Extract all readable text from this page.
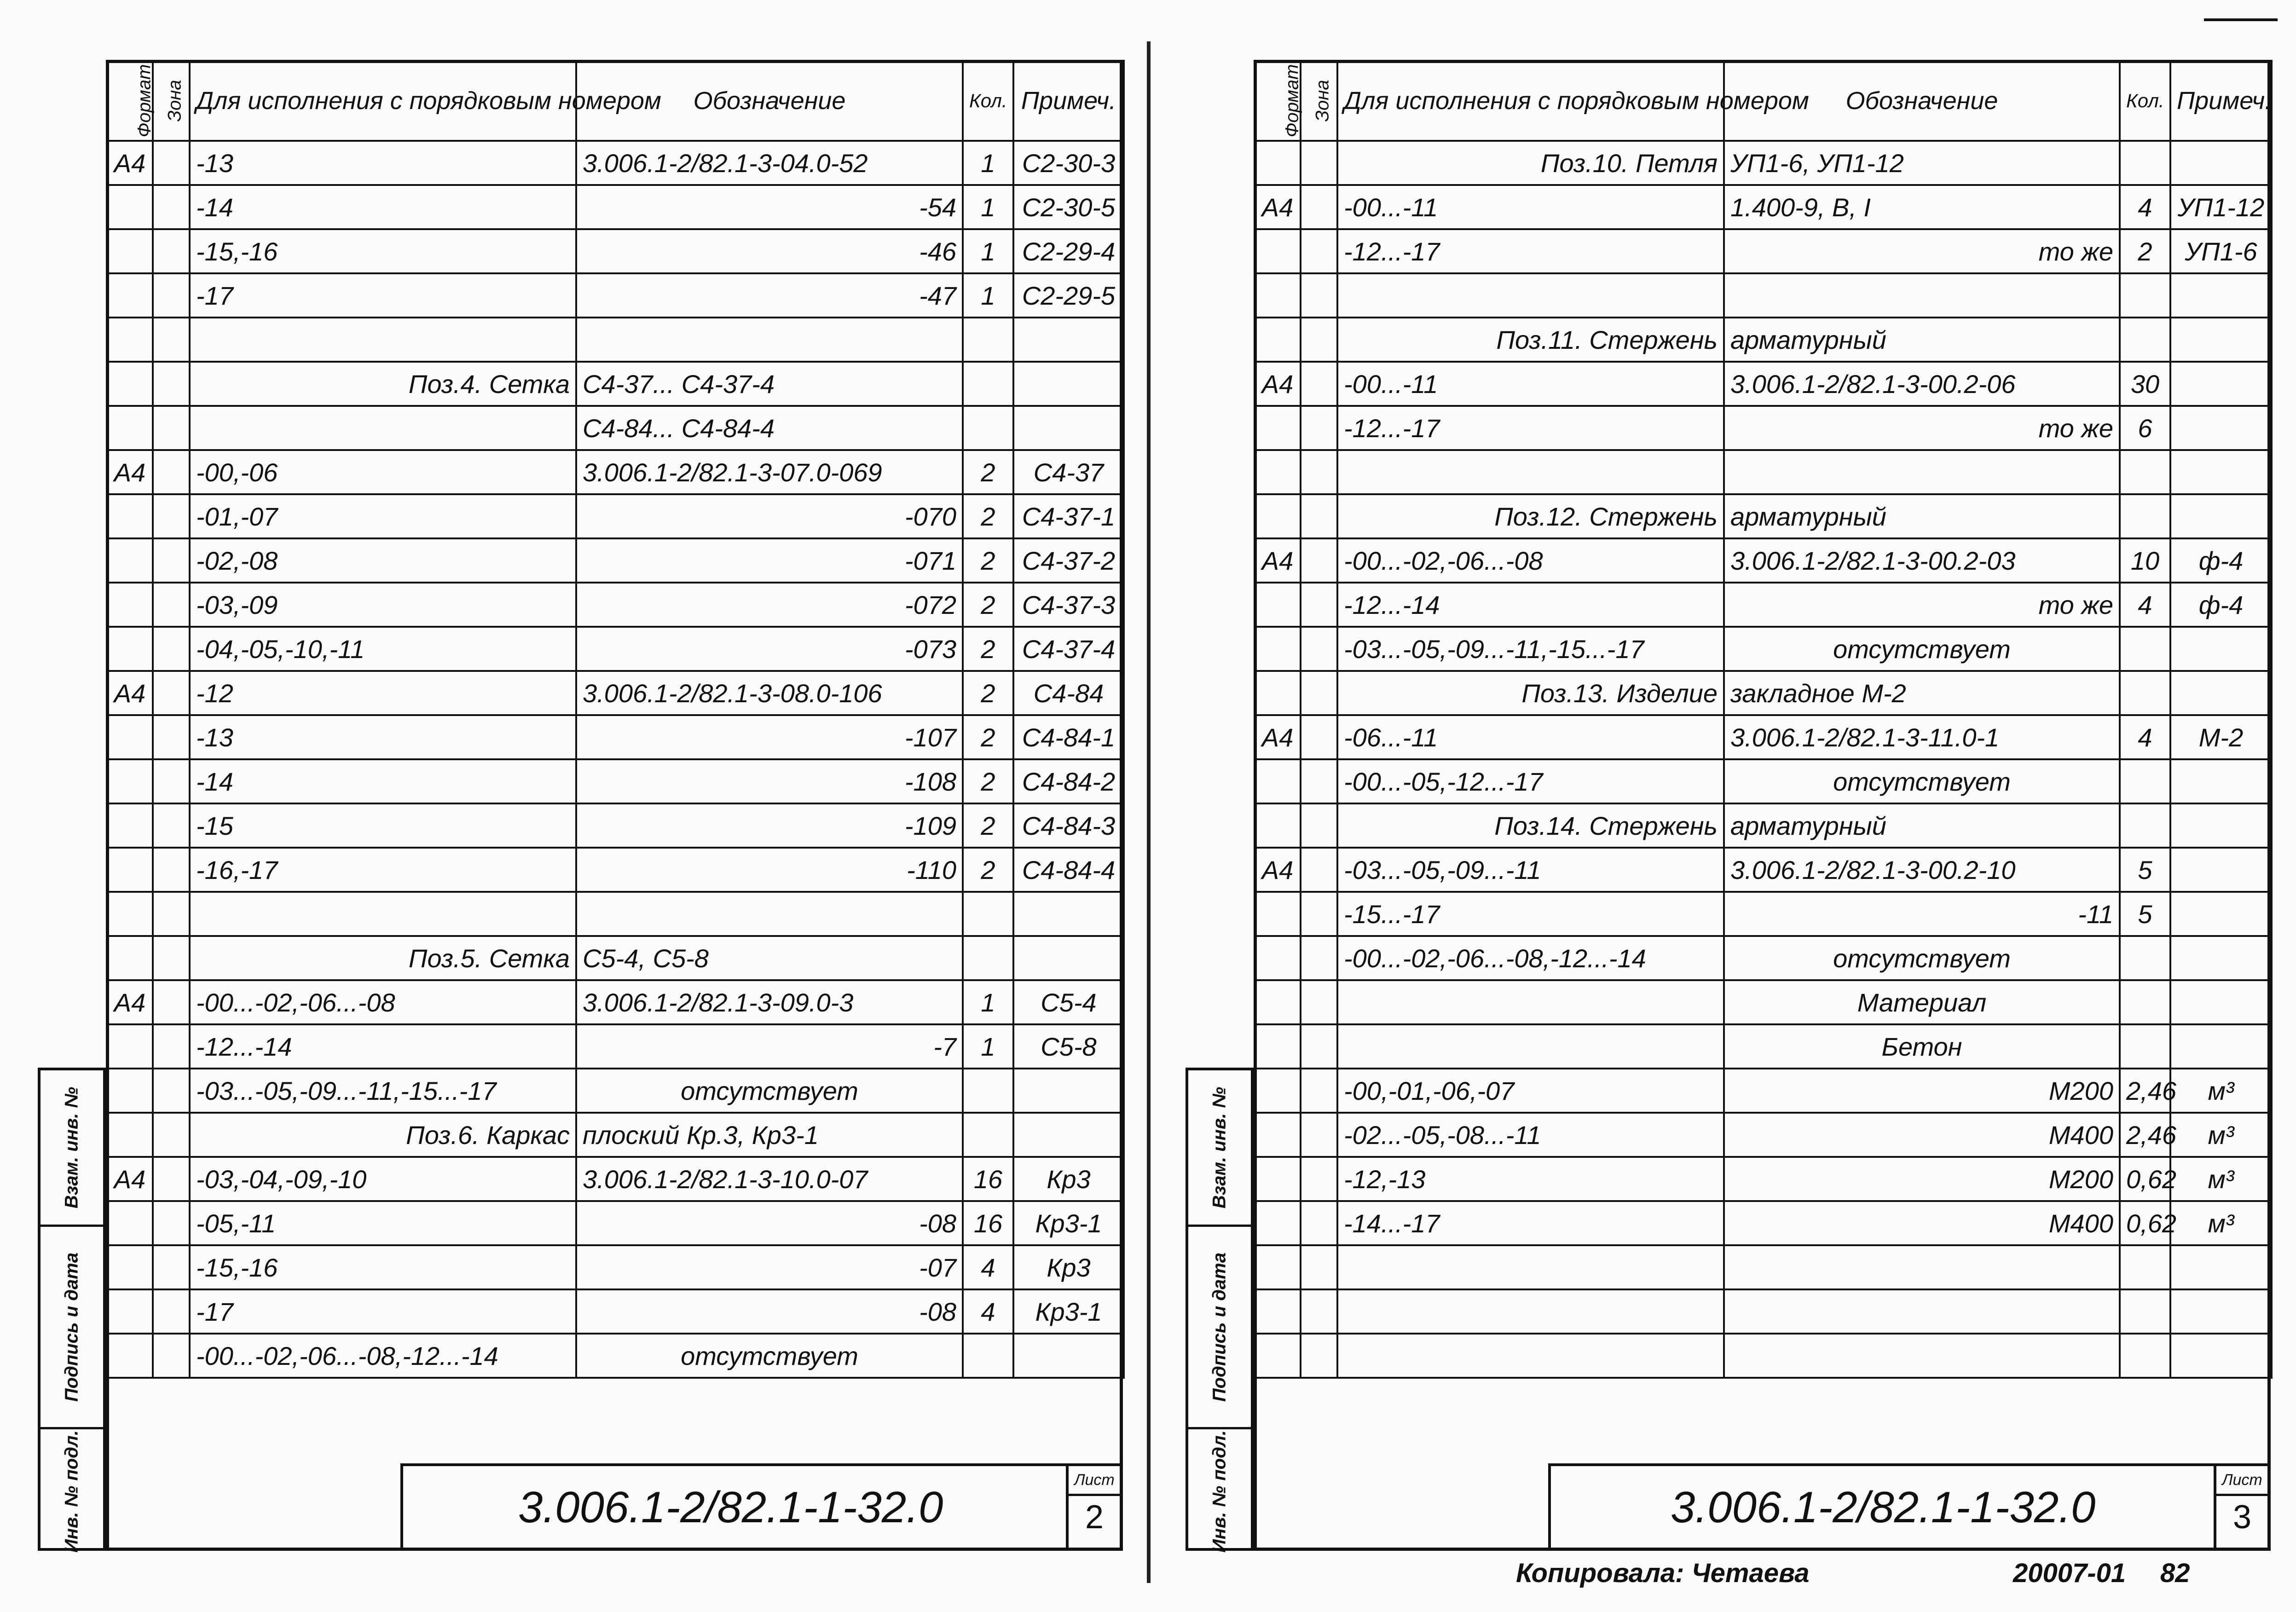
Формат	Зона	Для исполнения с порядковым номером	Обозначение	Кол.	Примеч.
А4		-13	3.006.1-2/82.1-3-04.0-52	1	С2-30-3
		-14	-54	1	С2-30-5
		-15,-16	-46	1	С2-29-4
		-17	-47	1	С2-29-5

		Поз.4. Сетка	С4-37... С4-37-4		
			С4-84... С4-84-4		
А4		-00,-06	3.006.1-2/82.1-3-07.0-069	2	С4-37
		-01,-07	-070	2	С4-37-1
		-02,-08	-071	2	С4-37-2
		-03,-09	-072	2	С4-37-3
		-04,-05,-10,-11	-073	2	С4-37-4
А4		-12	3.006.1-2/82.1-3-08.0-106	2	С4-84
		-13	-107	2	С4-84-1
		-14	-108	2	С4-84-2
		-15	-109	2	С4-84-3
		-16,-17	-110	2	С4-84-4

		Поз.5. Сетка	С5-4, С5-8		
А4		-00...-02,-06...-08	3.006.1-2/82.1-3-09.0-3	1	С5-4
		-12...-14	-7	1	С5-8
		-03...-05,-09...-11,-15...-17	отсутствует		
		Поз.6. Каркас	плоский Кр.3, Кр3-1		
А4		-03,-04,-09,-10	3.006.1-2/82.1-3-10.0-07	16	Кр3
		-05,-11	-08	16	Кр3-1
		-15,-16	-07	4	Кр3
		-17	-08	4	Кр3-1
		-00...-02,-06...-08,-12...-14	отсутствует		
Взам. инв. №
Подпись и дата
Инв. № подл.	3.006.1-2/82.1-1-32.0
Лист
2
Формат	Зона	Для исполнения с порядковым номером	Обозначение	Кол.	Примеч.
		Поз.10. Петля	УП1-6, УП1-12		
А4		-00...-11	1.400-9, В, I	4	УП1-12
		-12...-17	то же	2	УП1-6

		Поз.11. Стержень	арматурный		
А4		-00...-11	3.006.1-2/82.1-3-00.2-06	30	
		-12...-17	то же	6	

		Поз.12. Стержень	арматурный		
А4		-00...-02,-06...-08	3.006.1-2/82.1-3-00.2-03	10	ф-4
		-12...-14	то же	4	ф-4
		-03...-05,-09...-11,-15...-17	отсутствует		
		Поз.13. Изделие	закладное М-2		
А4		-06...-11	3.006.1-2/82.1-3-11.0-1	4	М-2
		-00...-05,-12...-17	отсутствует		
		Поз.14. Стержень	арматурный		
А4		-03...-05,-09...-11	3.006.1-2/82.1-3-00.2-10	5	
		-15...-17	-11	5	
		-00...-02,-06...-08,-12...-14	отсутствует		
			Материал		
			Бетон		
		-00,-01,-06,-07	М200	2,46	м³
		-02...-05,-08...-11	М400	2,46	м³
		-12,-13	М200	0,62	м³
		-14...-17	М400	0,62	м³

Взам. инв. №
Подпись и дата
Инв. № подл.	3.006.1-2/82.1-1-32.0
Лист
3
Копировала: Четаева	20007-01 82
